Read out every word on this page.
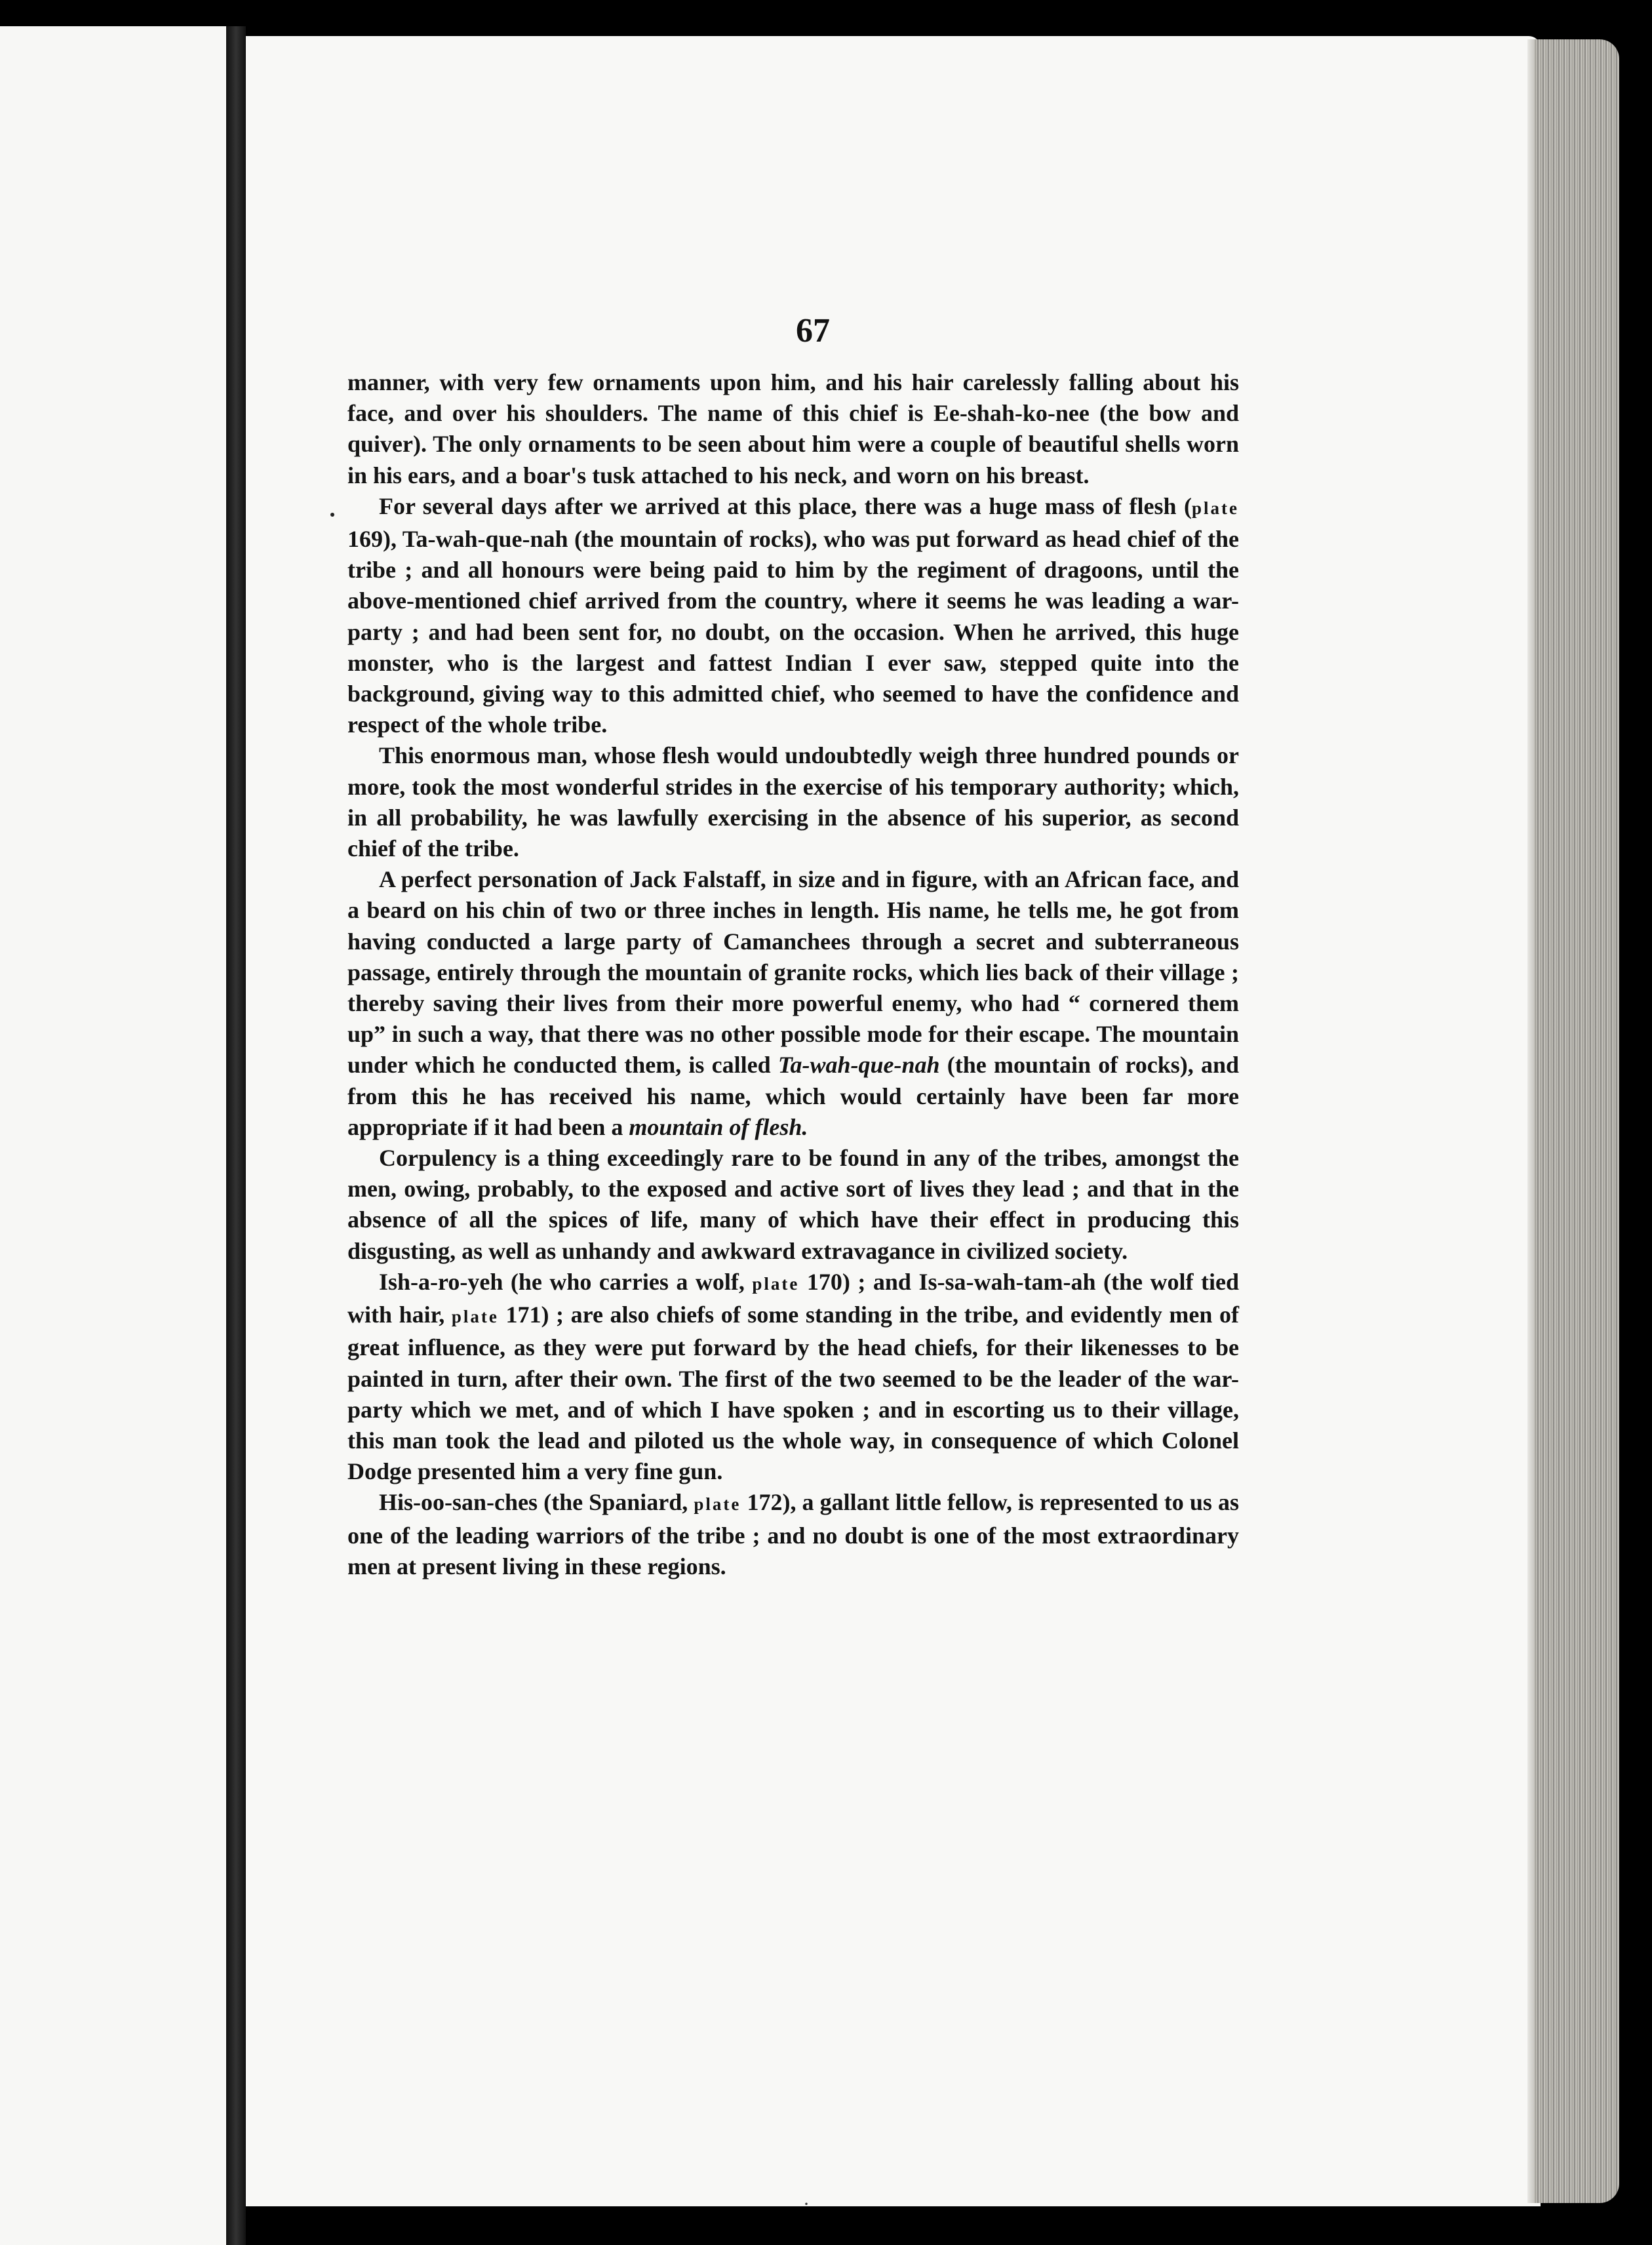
67

manner, with very few ornaments upon him, and his hair carelessly falling about his face, and over his shoulders. The name of this chief is Ee-shah-ko-nee (the bow and quiver). The only ornaments to be seen about him were a couple of beautiful shells worn in his ears, and a boar's tusk attached to his neck, and worn on his breast.

For several days after we arrived at this place, there was a huge mass of flesh (plate 169), Ta-wah-que-nah (the mountain of rocks), who was put forward as head chief of the tribe ; and all honours were being paid to him by the regiment of dragoons, until the above-mentioned chief arrived from the country, where it seems he was leading a war-party ; and had been sent for, no doubt, on the occasion. When he arrived, this huge monster, who is the largest and fattest Indian I ever saw, stepped quite into the background, giving way to this admitted chief, who seemed to have the confidence and respect of the whole tribe.

This enormous man, whose flesh would undoubtedly weigh three hundred pounds or more, took the most wonderful strides in the exercise of his temporary authority; which, in all probability, he was lawfully exercising in the absence of his superior, as second chief of the tribe.

A perfect personation of Jack Falstaff, in size and in figure, with an African face, and a beard on his chin of two or three inches in length. His name, he tells me, he got from having conducted a large party of Camanchees through a secret and subterraneous passage, entirely through the mountain of granite rocks, which lies back of their village ; thereby saving their lives from their more powerful enemy, who had “ cornered them up” in such a way, that there was no other possible mode for their escape. The mountain under which he conducted them, is called Ta-wah-que-nah (the mountain of rocks), and from this he has received his name, which would certainly have been far more appropriate if it had been a mountain of flesh.

Corpulency is a thing exceedingly rare to be found in any of the tribes, amongst the men, owing, probably, to the exposed and active sort of lives they lead ; and that in the absence of all the spices of life, many of which have their effect in producing this disgusting, as well as unhandy and awkward extravagance in civilized society.

Ish-a-ro-yeh (he who carries a wolf, plate 170) ; and Is-sa-wah-tam-ah (the wolf tied with hair, plate 171) ; are also chiefs of some standing in the tribe, and evidently men of great influence, as they were put forward by the head chiefs, for their likenesses to be painted in turn, after their own. The first of the two seemed to be the leader of the war-party which we met, and of which I have spoken ; and in escorting us to their village, this man took the lead and piloted us the whole way, in consequence of which Colonel Dodge presented him a very fine gun.

His-oo-san-ches (the Spaniard, plate 172), a gallant little fellow, is represented to us as one of the leading warriors of the tribe ; and no doubt is one of the most extraordinary men at present living in these regions.

·
